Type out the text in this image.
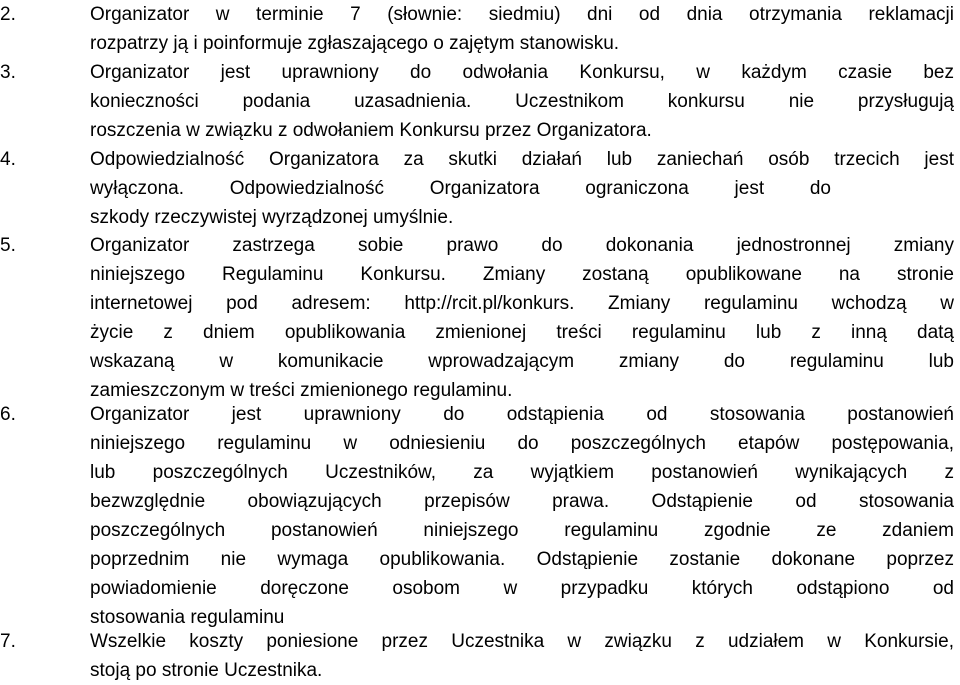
2.	Organizator w terminie 7 (słownie: siedmiu) dni od dnia otrzymania reklamacji
rozpatrzy ją i poinformuje zgłaszającego o zajętym stanowisku.
3.	Organizator jest uprawniony do odwołania Konkursu, w każdym czasie bez
konieczności podania uzasadnienia. Uczestnikom konkursu nie przysługują
roszczenia w związku z odwołaniem Konkursu przez Organizatora.
4.	Odpowiedzialność Organizatora za skutki działań lub zaniechań osób trzecich jest
wyłączona. Odpowiedzialność Organizatora ograniczona jest do
szkody rzeczywistej wyrządzonej umyślnie.
5.	Organizator zastrzega sobie prawo do dokonania jednostronnej zmiany
niniejszego Regulaminu Konkursu. Zmiany zostaną opublikowane na stronie
internetowej pod adresem: http://rcit.pl/konkurs. Zmiany regulaminu wchodzą w
życie z dniem opublikowania zmienionej treści regulaminu lub z inną datą
wskazaną w komunikacie wprowadzającym zmiany do regulaminu lub
zamieszczonym w treści zmienionego regulaminu.
6.	Organizator jest uprawniony do odstąpienia od stosowania postanowień
niniejszego regulaminu w odniesieniu do poszczególnych etapów postępowania,
lub poszczególnych Uczestników, za wyjątkiem postanowień wynikających z
bezwzględnie obowiązujących przepisów prawa. Odstąpienie od stosowania
poszczególnych postanowień niniejszego regulaminu zgodnie ze zdaniem
poprzednim nie wymaga opublikowania. Odstąpienie zostanie dokonane poprzez
powiadomienie doręczone osobom w przypadku których odstąpiono od
stosowania regulaminu
7.	Wszelkie koszty poniesione przez Uczestnika w związku z udziałem w Konkursie,
stoją po stronie Uczestnika.
